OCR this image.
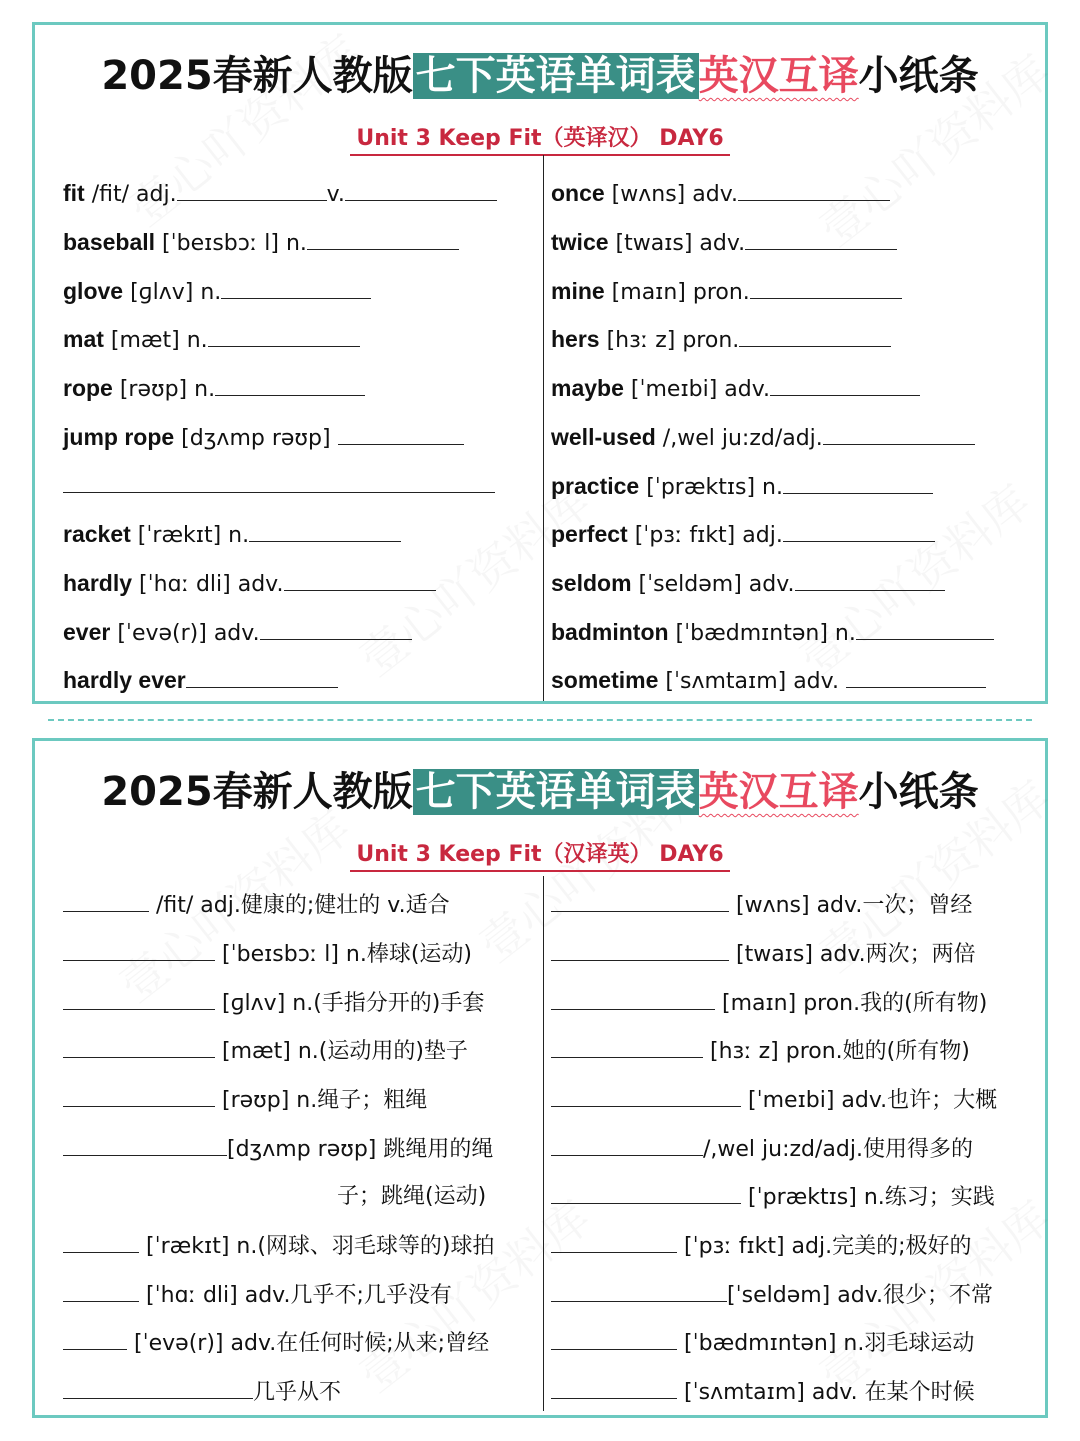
2025春新人教版七下英语单词表英汉互译小纸条
Unit 3 Keep Fit（英译汉） DAY6
fit /fit/ adj.	v.
baseball [ˈbeɪsbɔː l] n.
glove [ɡlʌv] n.
mat [mæt] n.
rope [rəʊp] n.
jump rope [dʒʌmp rəʊp]
racket [ˈrækɪt] n.
hardly [ˈhɑː dli] adv.
ever [ˈevə(r)] adv.
hardly ever
once [wʌns] adv.
twice [twaɪs] adv.
mine [maɪn] pron.
hers [hɜː z] pron.
maybe [ˈmeɪbi] adv.
well-used /,wel ju:zd/adj.
practice [ˈpræktɪs] n.
perfect [ˈpɜː fɪkt] adj.
seldom [ˈseldəm] adv.
badminton [ˈbædmɪntən] n.
sometime [ˈsʌmtaɪm] adv.
2025春新人教版七下英语单词表英汉互译小纸条
Unit 3 Keep Fit（汉译英） DAY6
/fit/ adj.健康的;健壮的 v.适合
[ˈbeɪsbɔː l] n.棒球(运动)
[ɡlʌv] n.(手指分开的)手套
[mæt] n.(运动用的)垫子
[rəʊp] n.绳子；粗绳
[dʒʌmp rəʊp] 跳绳用的绳
子；跳绳(运动)
[ˈrækɪt] n.(网球、羽毛球等的)球拍
[ˈhɑː dli] adv.几乎不;几乎没有
[ˈevə(r)] adv.在任何时候;从来;曾经
几乎从不
[wʌns] adv.一次；曾经
[twaɪs] adv.两次；两倍
[maɪn] pron.我的(所有物)
[hɜː z] pron.她的(所有物)
[ˈmeɪbi] adv.也许；大概
/,wel ju:zd/adj.使用得多的
[ˈpræktɪs] n.练习；实践
[ˈpɜː fɪkt] adj.完美的;极好的
[ˈseldəm] adv.很少；不常
[ˈbædmɪntən] n.羽毛球运动
[ˈsʌmtaɪm] adv. 在某个时候
